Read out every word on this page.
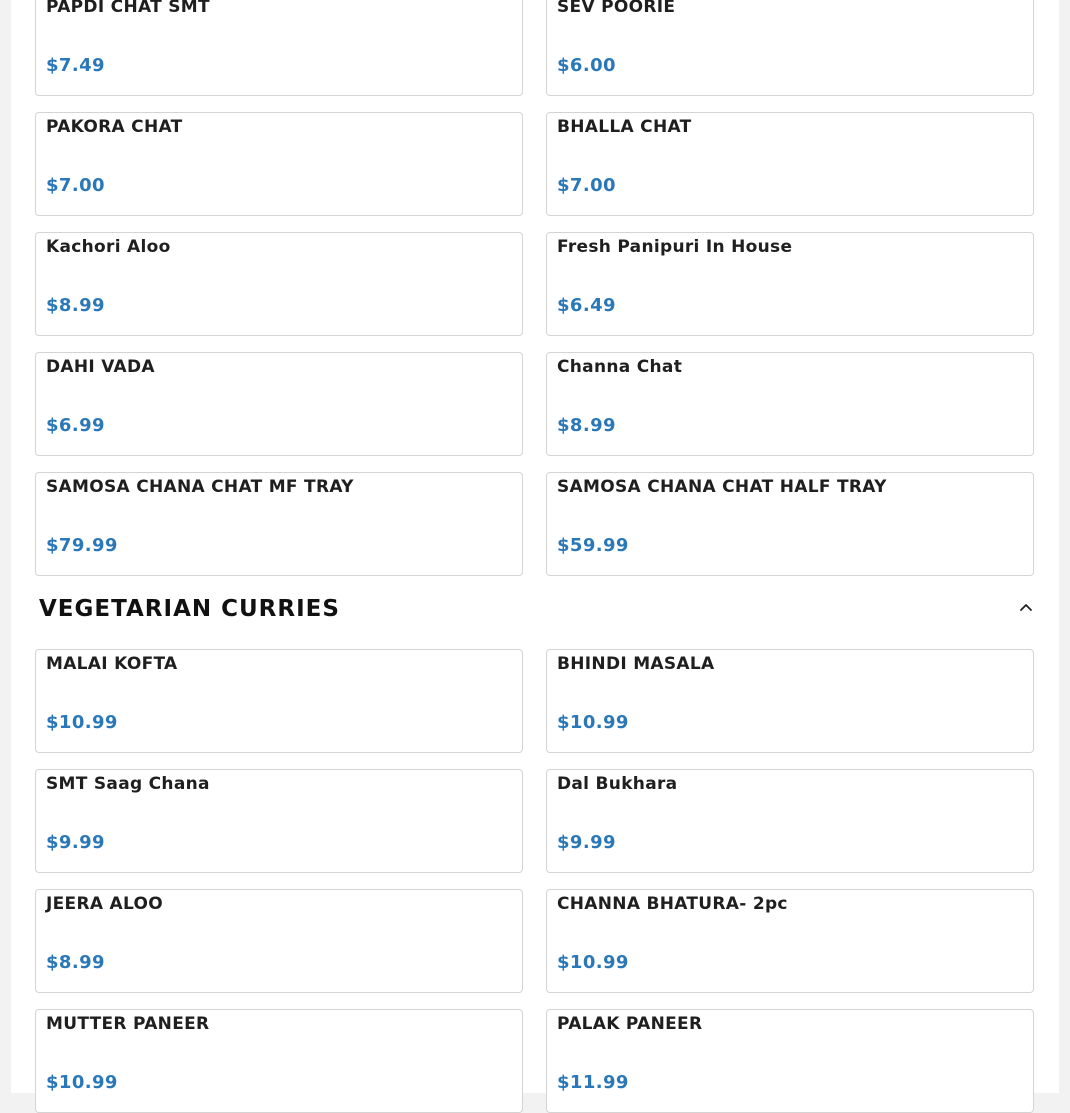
PAPDI CHAT SMT
$7.49
SEV POORIE
$6.00
PAKORA CHAT
$7.00
BHALLA CHAT
$7.00
Kachori Aloo
$8.99
Fresh Panipuri In House
$6.49
DAHI VADA
$6.99
Channa Chat
$8.99
SAMOSA CHANA CHAT MF TRAY
$79.99
SAMOSA CHANA CHAT HALF TRAY
$59.99
VEGETARIAN CURRIES
MALAI KOFTA
$10.99
BHINDI MASALA
$10.99
SMT Saag Chana
$9.99
Dal Bukhara
$9.99
JEERA ALOO
$8.99
CHANNA BHATURA- 2pc
$10.99
MUTTER PANEER
$10.99
PALAK PANEER
$11.99
